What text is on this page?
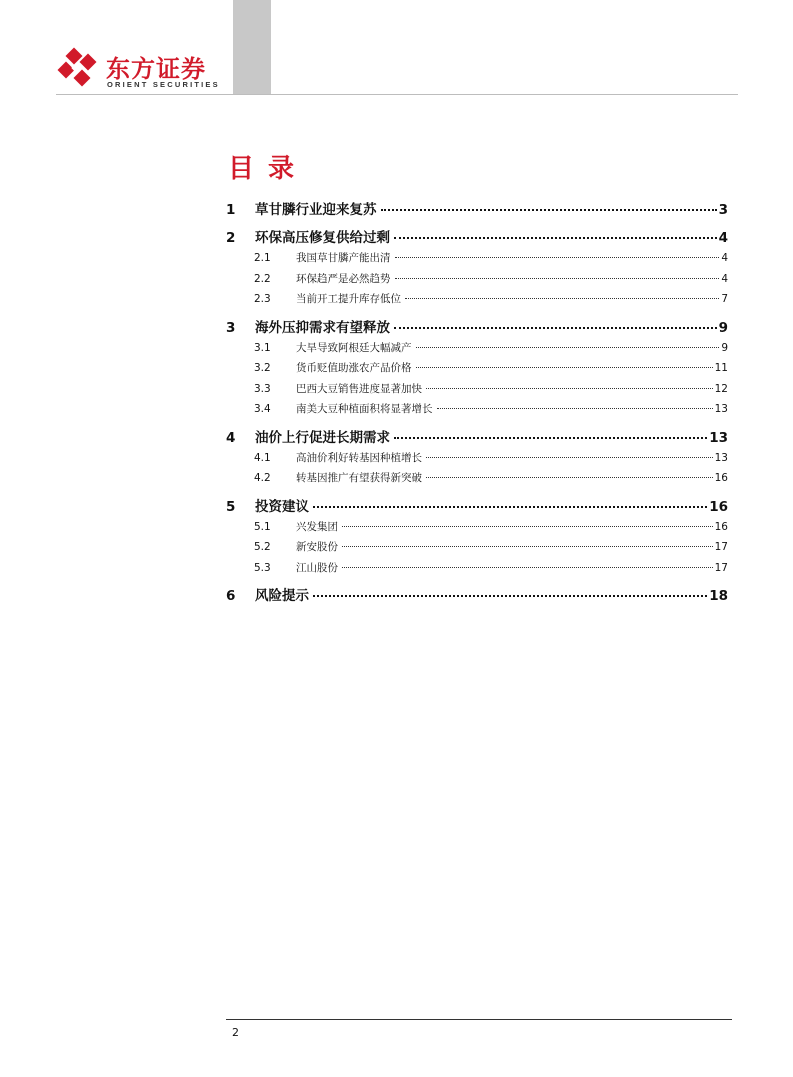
东方证券
ORIENT SECURITIES
目录
1	草甘膦行业迎来复苏	3
2	环保高压修复供给过剩	4
2.1	我国草甘膦产能出清	4
2.2	环保趋严是必然趋势	4
2.3	当前开工提升库存低位	7
3	海外压抑需求有望释放	9
3.1	大旱导致阿根廷大幅减产	9
3.2	货币贬值助涨农产品价格	11
3.3	巴西大豆销售进度显著加快	12
3.4	南美大豆种植面积将显著增长	13
4	油价上行促进长期需求	13
4.1	高油价利好转基因种植增长	13
4.2	转基因推广有望获得新突破	16
5	投资建议	16
5.1	兴发集团	16
5.2	新安股份	17
5.3	江山股份	17
6	风险提示	18
2
